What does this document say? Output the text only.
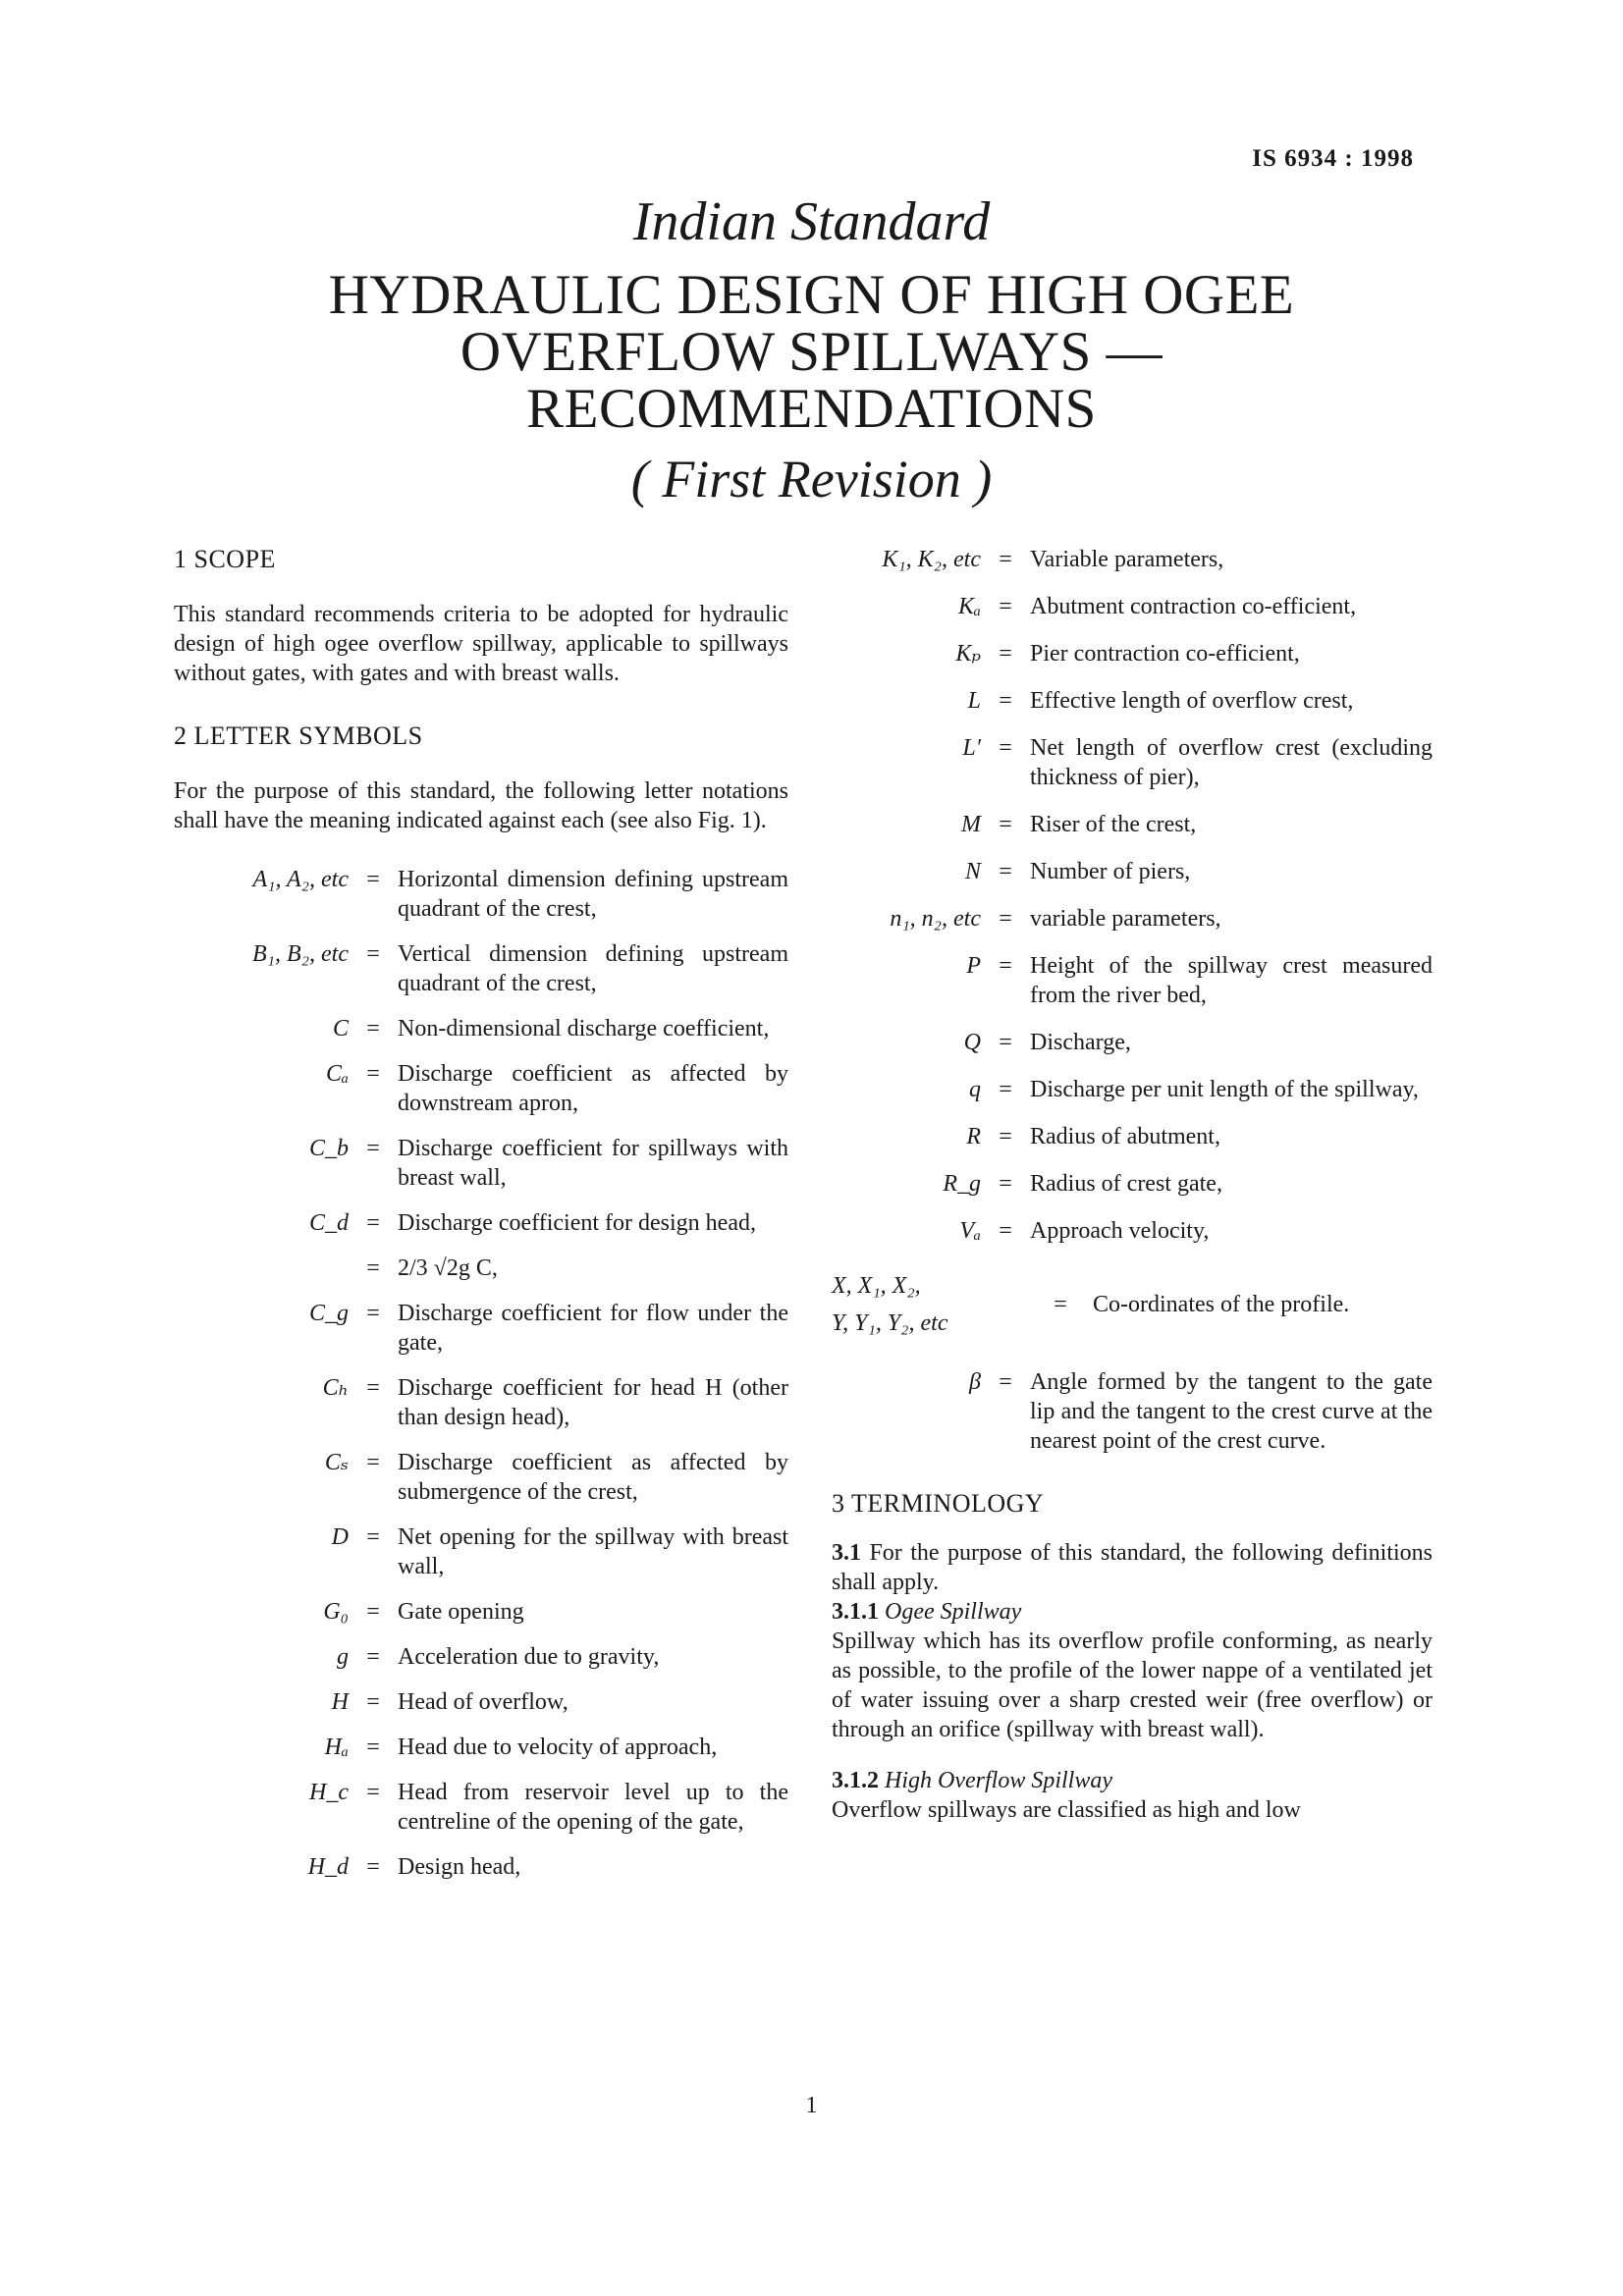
IS 6934 : 1998
Indian Standard
HYDRAULIC DESIGN OF HIGH OGEE
OVERFLOW SPILLWAYS —
RECOMMENDATIONS
( First Revision )
1 SCOPE

This standard recommends criteria to be adopted for hydraulic design of high ogee overflow spillway, applicable to spillways without gates, with gates and with breast walls.

2 LETTER SYMBOLS

For the purpose of this standard, the following letter notations shall have the meaning indicated against each (see also Fig. 1).

A₁, A₂, etc = Horizontal dimension defining upstream quadrant of the crest,
B₁, B₂, etc = Vertical dimension defining upstream quadrant of the crest,
C = Non-dimensional discharge coefficient,
Cₐ = Discharge coefficient as affected by downstream apron,
C_b = Discharge coefficient for spillways with breast wall,
C_d = Discharge coefficient for design head,
= 2/3 √2g C,
C_g = Discharge coefficient for flow under the gate,
Cₕ = Discharge coefficient for head H (other than design head),
Cₛ = Discharge coefficient as affected by submergence of the crest,
D = Net opening for the spillway with breast wall,
G₀ = Gate opening
g = Acceleration due to gravity,
H = Head of overflow,
Hₐ = Head due to velocity of approach,
H_c = Head from reservoir level up to the centreline of the opening of the gate,
H_d = Design head,
K₁, K₂, etc = Variable parameters,
Kₐ = Abutment contraction co-efficient,
Kₚ = Pier contraction co-efficient,
L = Effective length of overflow crest,
L′ = Net length of overflow crest (excluding thickness of pier),
M = Riser of the crest,
N = Number of piers,
n₁, n₂, etc = variable parameters,
P = Height of the spillway crest measured from the river bed,
Q = Discharge,
q = Discharge per unit length of the spillway,
R = Radius of abutment,
R_g = Radius of crest gate,
Vₐ = Approach velocity,
X, X₁, X₂,
Y, Y₁, Y₂, etc
=	Co-ordinates of the profile.
β = Angle formed by the tangent to the gate lip and the tangent to the crest curve at the nearest point of the crest curve.
3 TERMINOLOGY

3.1 For the purpose of this standard, the following definitions shall apply.

3.1.1 Ogee Spillway

Spillway which has its overflow profile conforming, as nearly as possible, to the profile of the lower nappe of a ventilated jet of water issuing over a sharp crested weir (free overflow) or through an orifice (spillway with breast wall).

3.1.2 High Overflow Spillway

Overflow spillways are classified as high and low

1
